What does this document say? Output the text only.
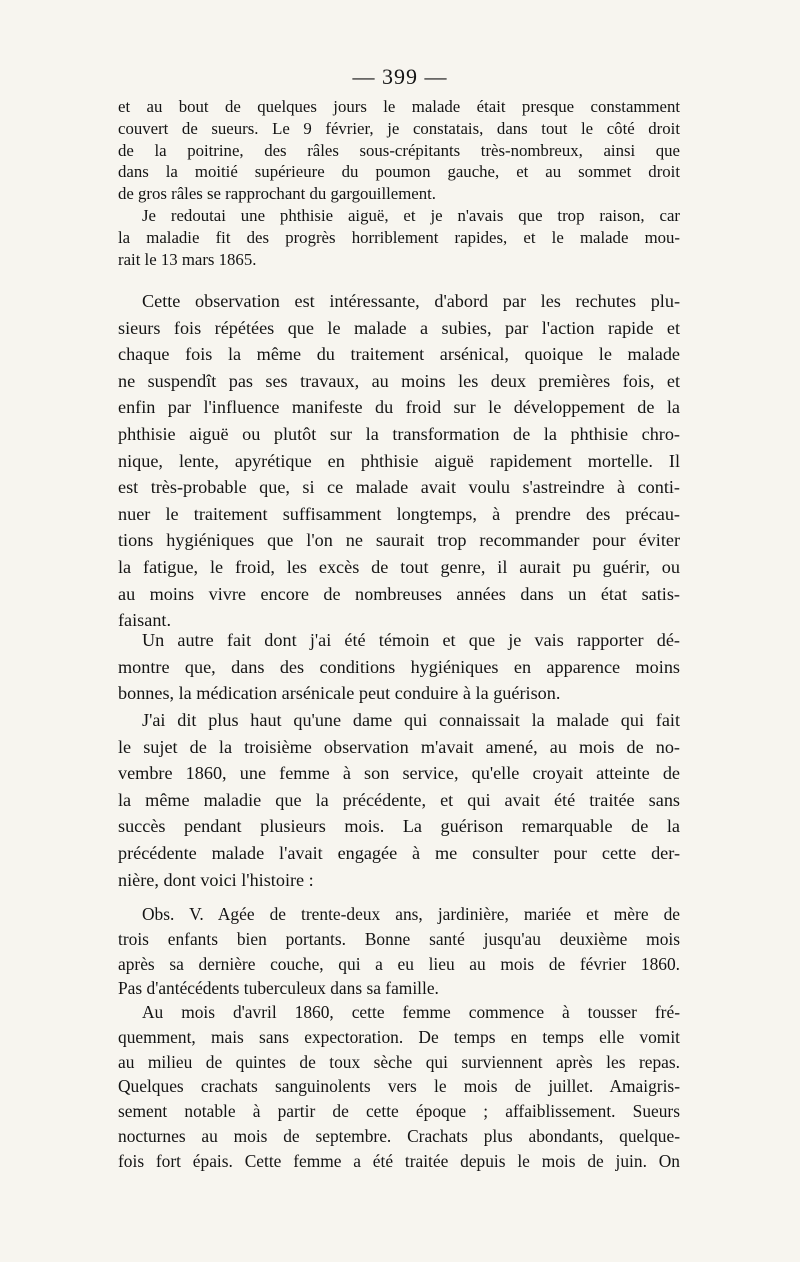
— 399 —
et au bout de quelques jours le malade était presque constamment
couvert de sueurs. Le 9 février, je constatais, dans tout le côté droit
de la poitrine, des râles sous-crépitants très-nombreux, ainsi que
dans la moitié supérieure du poumon gauche, et au sommet droit
de gros râles se rapprochant du gargouillement.
Je redoutai une phthisie aiguë, et je n'avais que trop raison, car
la maladie fit des progrès horriblement rapides, et le malade mou-
rait le 13 mars 1865.
Cette observation est intéressante, d'abord par les rechutes plu-
sieurs fois répétées que le malade a subies, par l'action rapide et
chaque fois la même du traitement arsénical, quoique le malade
ne suspendît pas ses travaux, au moins les deux premières fois, et
enfin par l'influence manifeste du froid sur le développement de la
phthisie aiguë ou plutôt sur la transformation de la phthisie chro-
nique, lente, apyrétique en phthisie aiguë rapidement mortelle. Il
est très-probable que, si ce malade avait voulu s'astreindre à conti-
nuer le traitement suffisamment longtemps, à prendre des précau-
tions hygiéniques que l'on ne saurait trop recommander pour éviter
la fatigue, le froid, les excès de tout genre, il aurait pu guérir, ou
au moins vivre encore de nombreuses années dans un état satis-
faisant.
Un autre fait dont j'ai été témoin et que je vais rapporter dé-
montre que, dans des conditions hygiéniques en apparence moins
bonnes, la médication arsénicale peut conduire à la guérison.
J'ai dit plus haut qu'une dame qui connaissait la malade qui fait
le sujet de la troisième observation m'avait amené, au mois de no-
vembre 1860, une femme à son service, qu'elle croyait atteinte de
la même maladie que la précédente, et qui avait été traitée sans
succès pendant plusieurs mois. La guérison remarquable de la
précédente malade l'avait engagée à me consulter pour cette der-
nière, dont voici l'histoire :
Obs. V. Agée de trente-deux ans, jardinière, mariée et mère de
trois enfants bien portants. Bonne santé jusqu'au deuxième mois
après sa dernière couche, qui a eu lieu au mois de février 1860.
Pas d'antécédents tuberculeux dans sa famille.
Au mois d'avril 1860, cette femme commence à tousser fré-
quemment, mais sans expectoration. De temps en temps elle vomit
au milieu de quintes de toux sèche qui surviennent après les repas.
Quelques crachats sanguinolents vers le mois de juillet. Amaigris-
sement notable à partir de cette époque ; affaiblissement. Sueurs
nocturnes au mois de septembre. Crachats plus abondants, quelque-
fois fort épais. Cette femme a été traitée depuis le mois de juin. On
